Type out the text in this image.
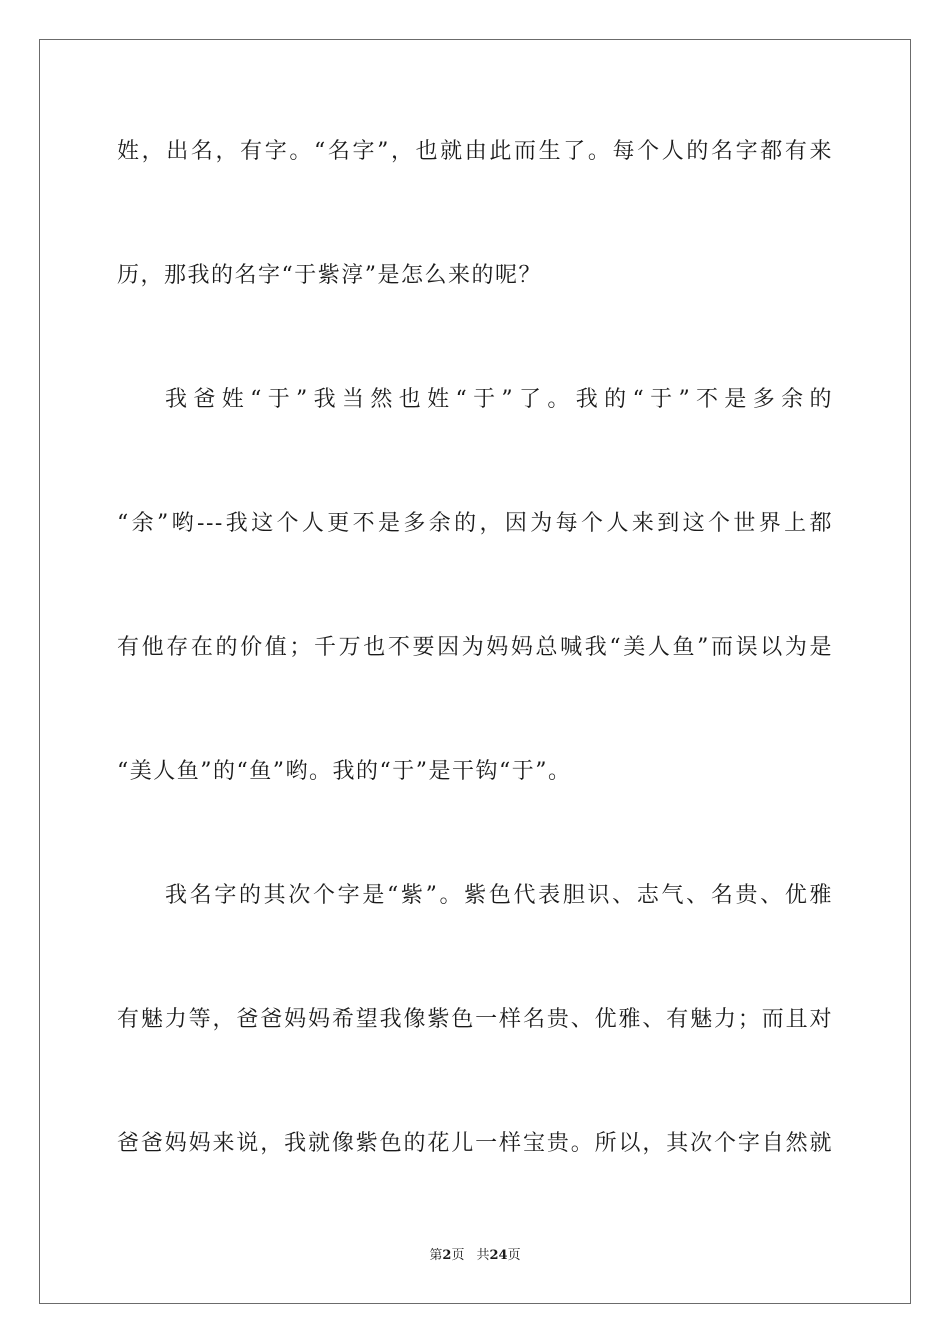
姓，出名，有字。“名字”，也就由此而生了。每个人的名字都有来
历，那我的名字“于紫淳”是怎么来的呢？
我爸姓“于”我当然也姓“于”了。我的“于”不是多余的
“余”哟---我这个人更不是多余的，因为每个人来到这个世界上都
有他存在的价值；千万也不要因为妈妈总喊我“美人鱼”而误以为是
“美人鱼”的“鱼”哟。我的“于”是干钩“于”。
我名字的其次个字是“紫”。紫色代表胆识、志气、名贵、优雅
有魅力等，爸爸妈妈希望我像紫色一样名贵、优雅、有魅力；而且对
爸爸妈妈来说，我就像紫色的花儿一样宝贵。所以，其次个字自然就
第2页 共24页
